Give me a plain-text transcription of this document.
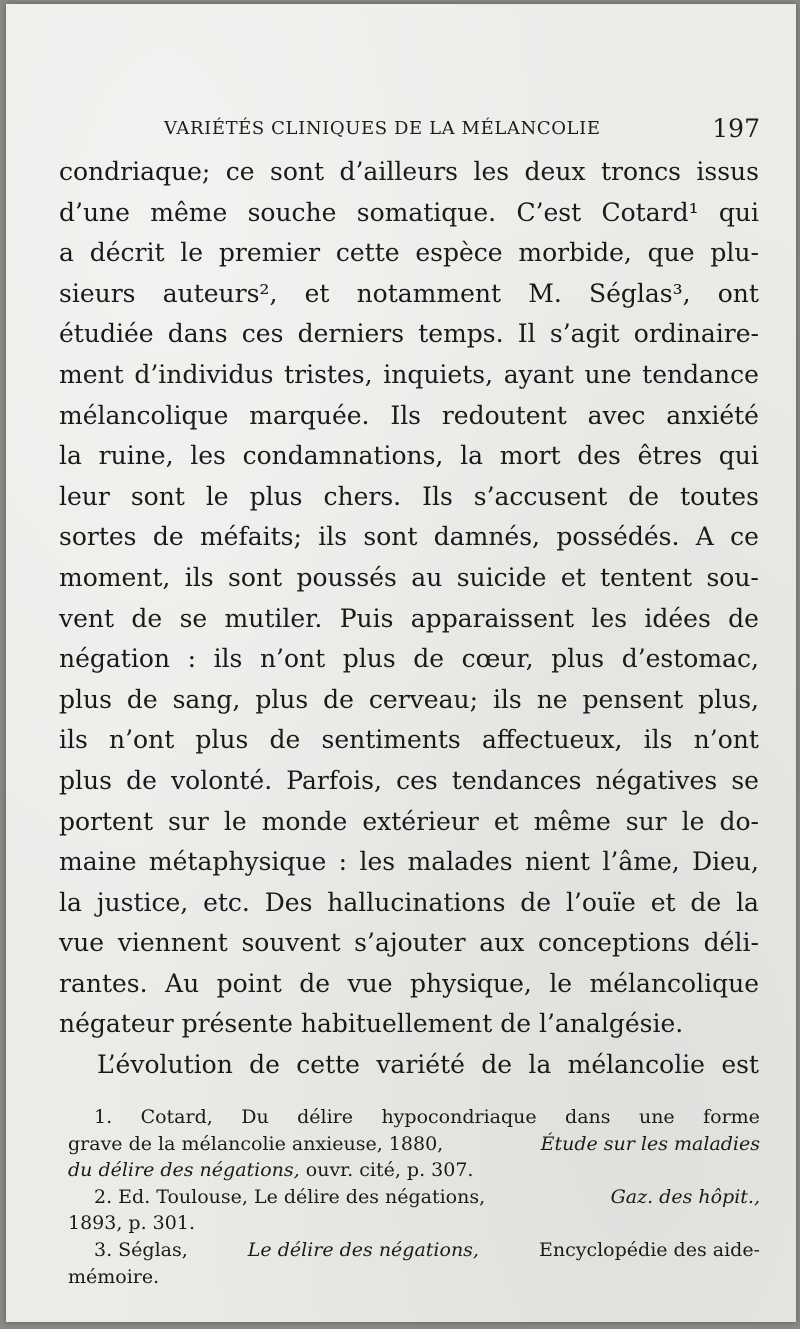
VARIÉTÉS CLINIQUES DE LA MÉLANCOLIE	197
condriaque; ce sont d’ailleurs les deux troncs issus
d’une même souche somatique. C’est Cotard¹ qui
a décrit le premier cette espèce morbide, que plu-
sieurs auteurs², et notamment M. Séglas³, ont
étudiée dans ces derniers temps. Il s’agit ordinaire-
ment d’individus tristes, inquiets, ayant une tendance
mélancolique marquée. Ils redoutent avec anxiété
la ruine, les condamnations, la mort des êtres qui
leur sont le plus chers. Ils s’accusent de toutes
sortes de méfaits; ils sont damnés, possédés. A ce
moment, ils sont poussés au suicide et tentent sou-
vent de se mutiler. Puis apparaissent les idées de
négation : ils n’ont plus de cœur, plus d’estomac,
plus de sang, plus de cerveau; ils ne pensent plus,
ils n’ont plus de sentiments affectueux, ils n’ont
plus de volonté. Parfois, ces tendances négatives se
portent sur le monde extérieur et même sur le do-
maine métaphysique : les malades nient l’âme, Dieu,
la justice, etc. Des hallucinations de l’ouïe et de la
vue viennent souvent s’ajouter aux conceptions déli-
rantes. Au point de vue physique, le mélancolique
négateur présente habituellement de l’analgésie.
L’évolution de cette variété de la mélancolie est
1. Cotard, Du délire hypocondriaque dans une forme
grave de la mélancolie anxieuse, 1880,	Étude sur les maladies
du délire des négations,
ouvr. cité, p. 307.
2. Ed. Toulouse, Le délire des négations,	Gaz. des hôpit.,
1893, p. 301.
3. Séglas,	Le délire des négations,	Encyclopédie des aide-
mémoire.
